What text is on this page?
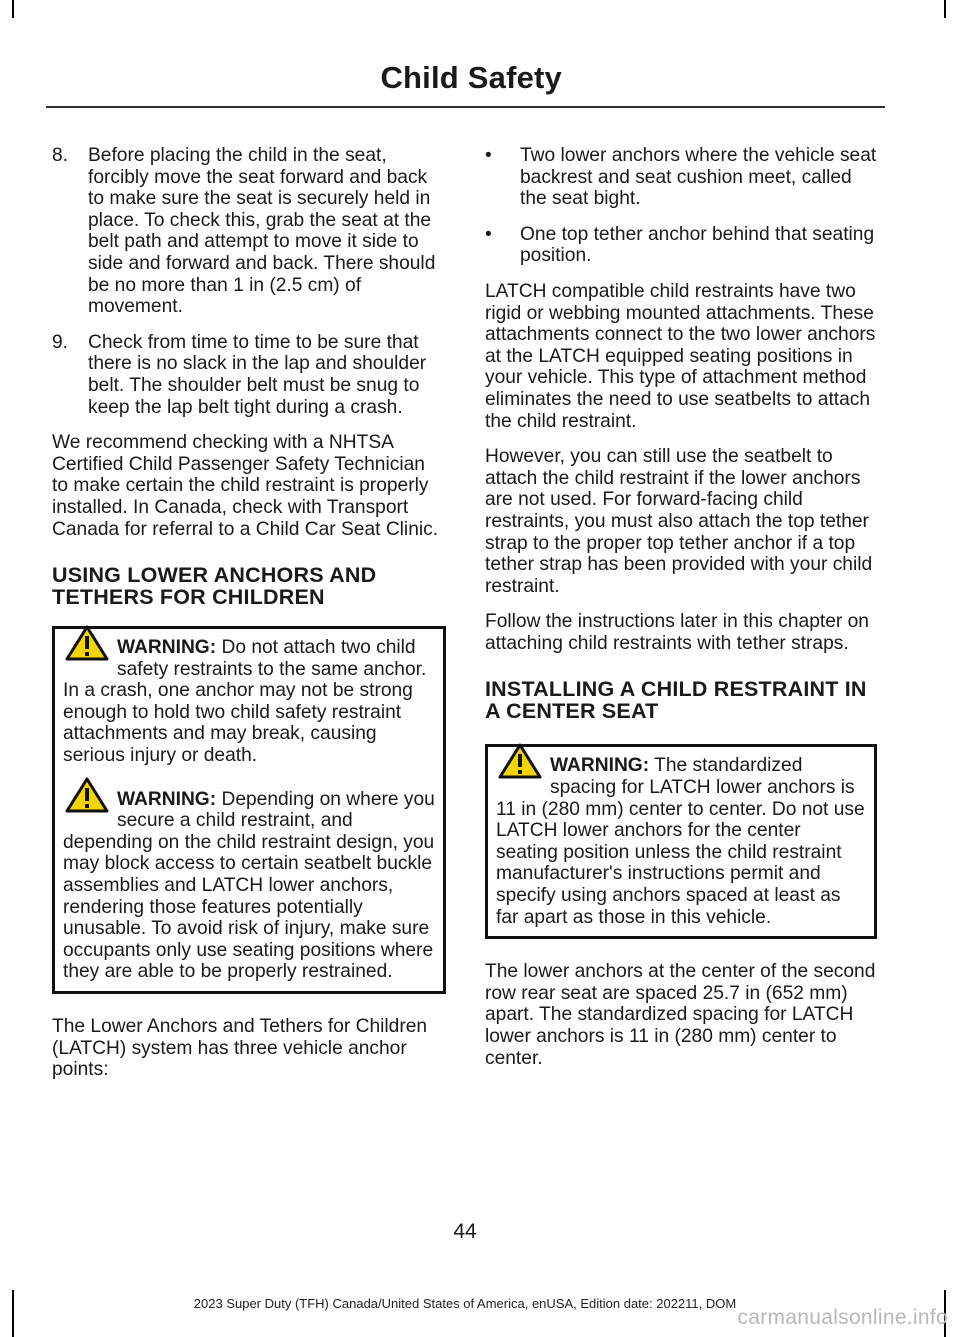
Child Safety
8.	Before placing the child in the seat, forcibly move the seat forward and back to make sure the seat is securely held in place. To check this, grab the seat at the belt path and attempt to move it side to side and forward and back. There should be no more than 1 in (2.5 cm) of movement.
9.	Check from time to time to be sure that there is no slack in the lap and shoulder belt. The shoulder belt must be snug to keep the lap belt tight during a crash.

We recommend checking with a NHTSA Certified Child Passenger Safety Technician to make certain the child restraint is properly installed. In Canada, check with Transport Canada for referral to a Child Car Seat Clinic.

USING LOWER ANCHORS AND TETHERS FOR CHILDREN
WARNING: Do not attach two child safety restraints to the same anchor. In a crash, one anchor may not be strong enough to hold two child safety restraint attachments and may break, causing serious injury or death.
WARNING: Depending on where you secure a child restraint, and depending on the child restraint design, you may block access to certain seatbelt buckle assemblies and LATCH lower anchors, rendering those features potentially unusable. To avoid risk of injury, make sure occupants only use seating positions where they are able to be properly restrained.

The Lower Anchors and Tethers for Children (LATCH) system has three vehicle anchor points:

•	Two lower anchors where the vehicle seat backrest and seat cushion meet, called the seat bight.
•	One top tether anchor behind that seating position.

LATCH compatible child restraints have two rigid or webbing mounted attachments. These attachments connect to the two lower anchors at the LATCH equipped seating positions in your vehicle. This type of attachment method eliminates the need to use seatbelts to attach the child restraint.

However, you can still use the seatbelt to attach the child restraint if the lower anchors are not used. For forward-facing child restraints, you must also attach the top tether strap to the proper top tether anchor if a top tether strap has been provided with your child restraint.

Follow the instructions later in this chapter on attaching child restraints with tether straps.

INSTALLING A CHILD RESTRAINT IN A CENTER SEAT
WARNING: The standardized spacing for LATCH lower anchors is 11 in (280 mm) center to center. Do not use LATCH lower anchors for the center seating position unless the child restraint manufacturer's instructions permit and specify using anchors spaced at least as far apart as those in this vehicle.

The lower anchors at the center of the second row rear seat are spaced 25.7 in (652 mm) apart. The standardized spacing for LATCH lower anchors is 11 in (280 mm) center to center.

44
2023 Super Duty (TFH) Canada/United States of America, enUSA, Edition date: 202211, DOM
carmanualsonline.info
